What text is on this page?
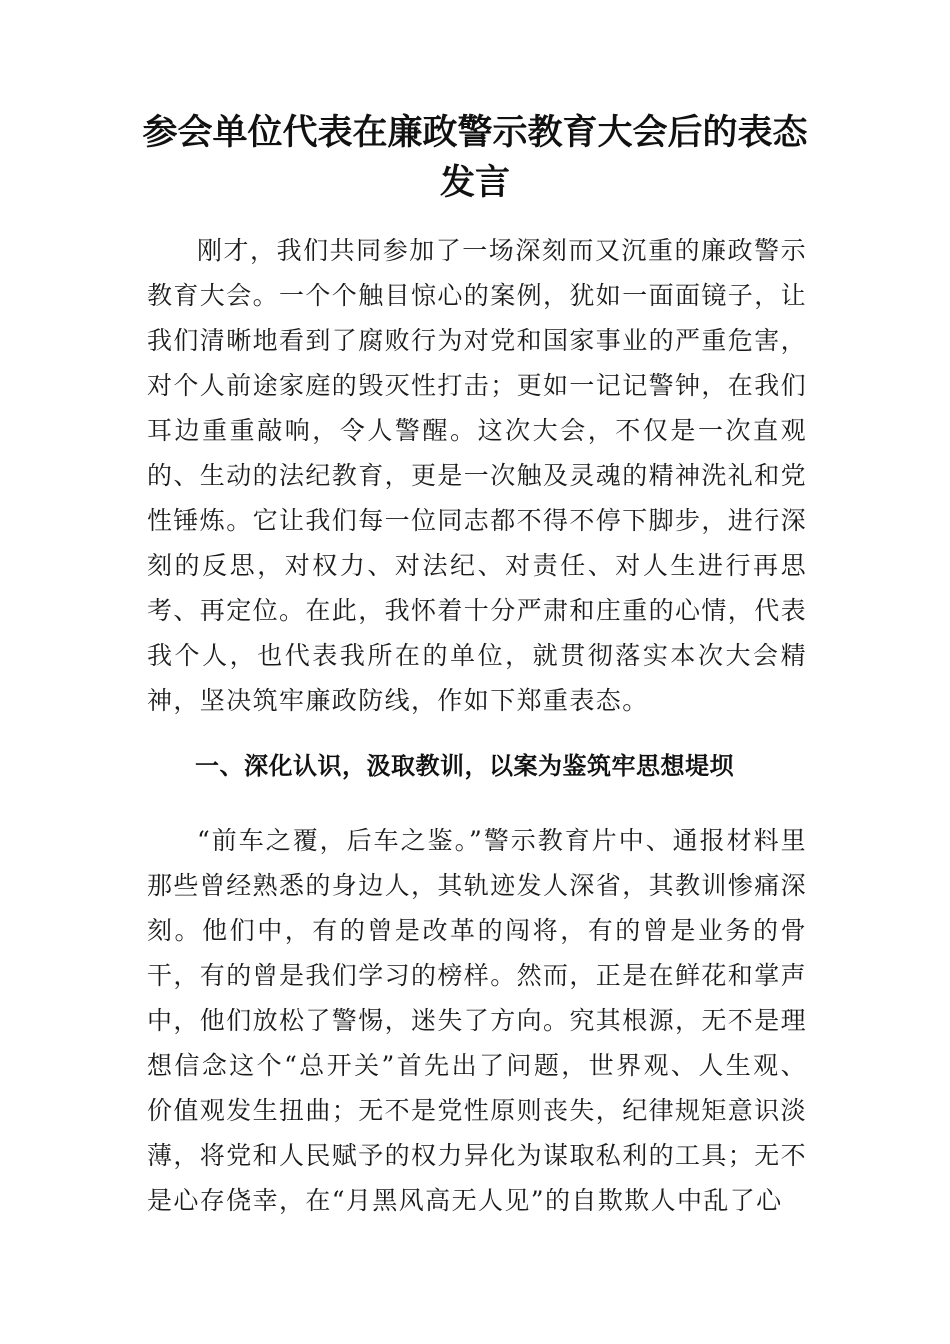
参会单位代表在廉政警示教育大会后的表态发言

刚才，我们共同参加了一场深刻而又沉重的廉政警示教育大会。一个个触目惊心的案例，犹如一面面镜子，让我们清晰地看到了腐败行为对党和国家事业的严重危害，对个人前途家庭的毁灭性打击；更如一记记警钟，在我们耳边重重敲响，令人警醒。这次大会，不仅是一次直观的、生动的法纪教育，更是一次触及灵魂的精神洗礼和党性锤炼。它让我们每一位同志都不得不停下脚步，进行深刻的反思，对权力、对法纪、对责任、对人生进行再思考、再定位。在此，我怀着十分严肃和庄重的心情，代表我个人，也代表我所在的单位，就贯彻落实本次大会精神，坚决筑牢廉政防线，作如下郑重表态。

一、深化认识，汲取教训，以案为鉴筑牢思想堤坝

“前车之覆，后车之鉴。”警示教育片中、通报材料里那些曾经熟悉的身边人，其轨迹发人深省，其教训惨痛深刻。他们中，有的曾是改革的闯将，有的曾是业务的骨干，有的曾是我们学习的榜样。然而，正是在鲜花和掌声中，他们放松了警惕，迷失了方向。究其根源，无不是理想信念这个“总开关”首先出了问题，世界观、人生观、价值观发生扭曲；无不是党性原则丧失，纪律规矩意识淡薄，将党和人民赋予的权力异化为谋取私利的工具；无不是心存侥幸，在“月黑风高无人见”的自欺欺人中乱了心
